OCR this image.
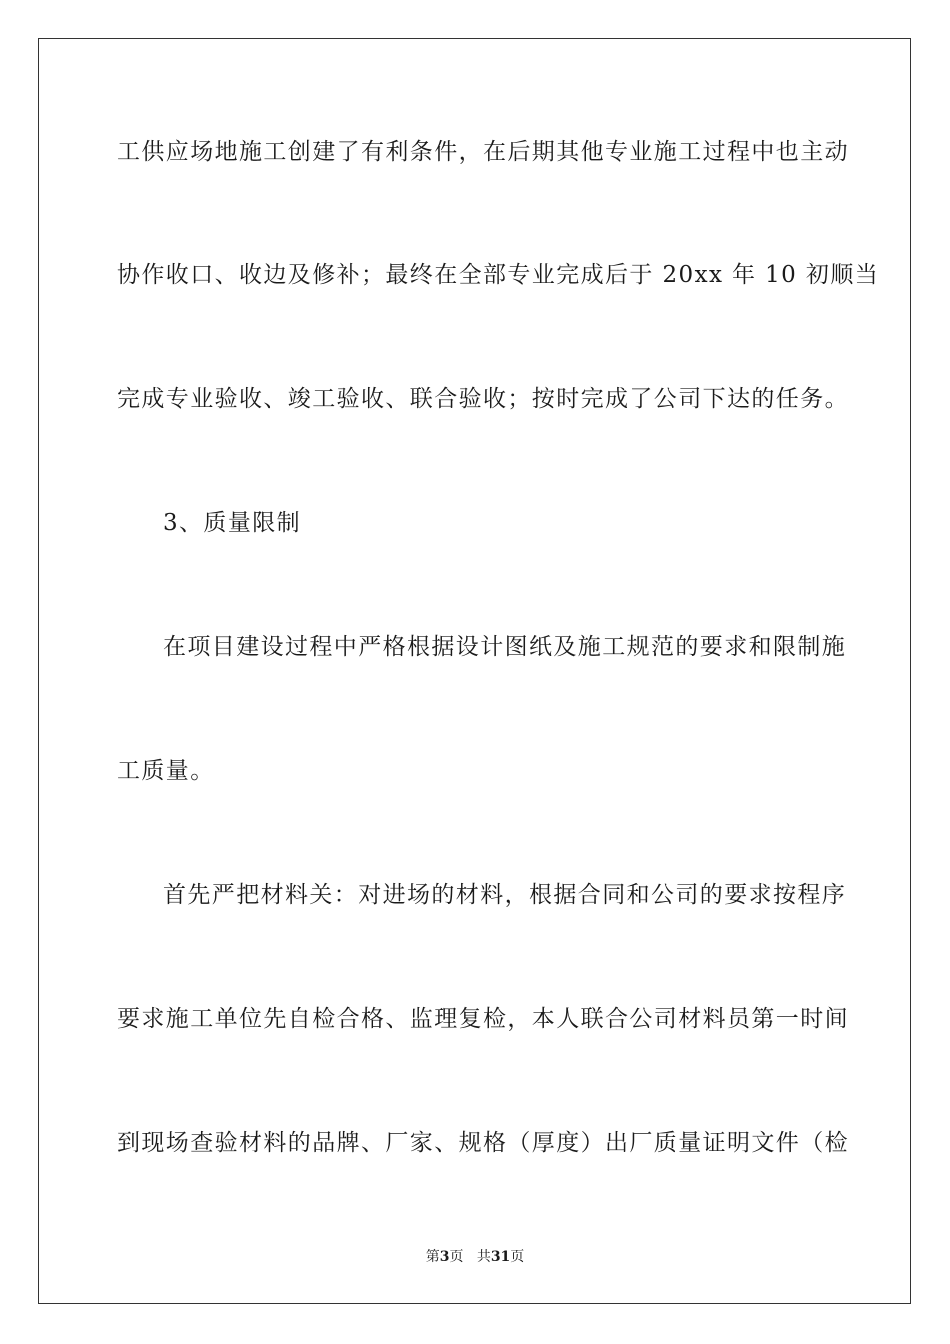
工供应场地施工创建了有利条件，在后期其他专业施工过程中也主动
协作收口、收边及修补；最终在全部专业完成后于 20xx 年 10 初顺当
完成专业验收、竣工验收、联合验收；按时完成了公司下达的任务。
3、质量限制
在项目建设过程中严格根据设计图纸及施工规范的要求和限制施
工质量。
首先严把材料关：对进场的材料，根据合同和公司的要求按程序
要求施工单位先自检合格、监理复检，本人联合公司材料员第一时间
到现场查验材料的品牌、厂家、规格（厚度）出厂质量证明文件（检
第3页 共31页
